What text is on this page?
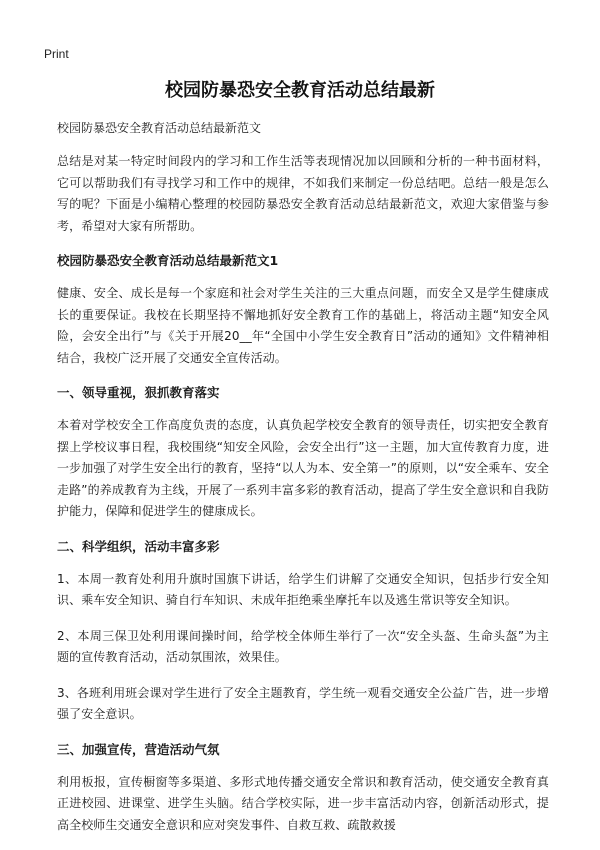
Print
校园防暴恐安全教育活动总结最新

校园防暴恐安全教育活动总结最新范文

总结是对某一特定时间段内的学习和工作生活等表现情况加以回顾和分析的一种书面材料，它可以帮助我们有寻找学习和工作中的规律，不如我们来制定一份总结吧。总结一般是怎么写的呢？下面是小编精心整理的校园防暴恐安全教育活动总结最新范文，欢迎大家借鉴与参考，希望对大家有所帮助。

校园防暴恐安全教育活动总结最新范文1

健康、安全、成长是每一个家庭和社会对学生关注的三大重点问题，而安全又是学生健康成长的重要保证。我校在长期坚持不懈地抓好安全教育工作的基础上，将活动主题“知安全风险，会安全出行”与《关于开展20__年“全国中小学生安全教育日”活动的通知》文件精神相结合，我校广泛开展了交通安全宣传活动。

一、领导重视，狠抓教育落实

本着对学校安全工作高度负责的态度，认真负起学校安全教育的领导责任，切实把安全教育摆上学校议事日程，我校围绕“知安全风险，会安全出行”这一主题，加大宣传教育力度，进一步加强了对学生安全出行的教育，坚持“以人为本、安全第一”的原则，以“安全乘车、安全走路”的养成教育为主线，开展了一系列丰富多彩的教育活动，提高了学生安全意识和自我防护能力，保障和促进学生的健康成长。

二、科学组织，活动丰富多彩

1、本周一教育处利用升旗时国旗下讲话，给学生们讲解了交通安全知识，包括步行安全知识、乘车安全知识、骑自行车知识、未成年拒绝乘坐摩托车以及逃生常识等安全知识。

2、本周三保卫处利用课间操时间，给学校全体师生举行了一次“安全头盔、生命头盔”为主题的宣传教育活动，活动氛围浓，效果佳。

3、各班利用班会课对学生进行了安全主题教育，学生统一观看交通安全公益广告，进一步增强了安全意识。

三、加强宣传，营造活动气氛

利用板报，宣传橱窗等多渠道、多形式地传播交通安全常识和教育活动，使交通安全教育真正进校园、进课堂、进学生头脑。结合学校实际，进一步丰富活动内容，创新活动形式，提高全校师生交通安全意识和应对突发事件、自救互救、疏散救援
